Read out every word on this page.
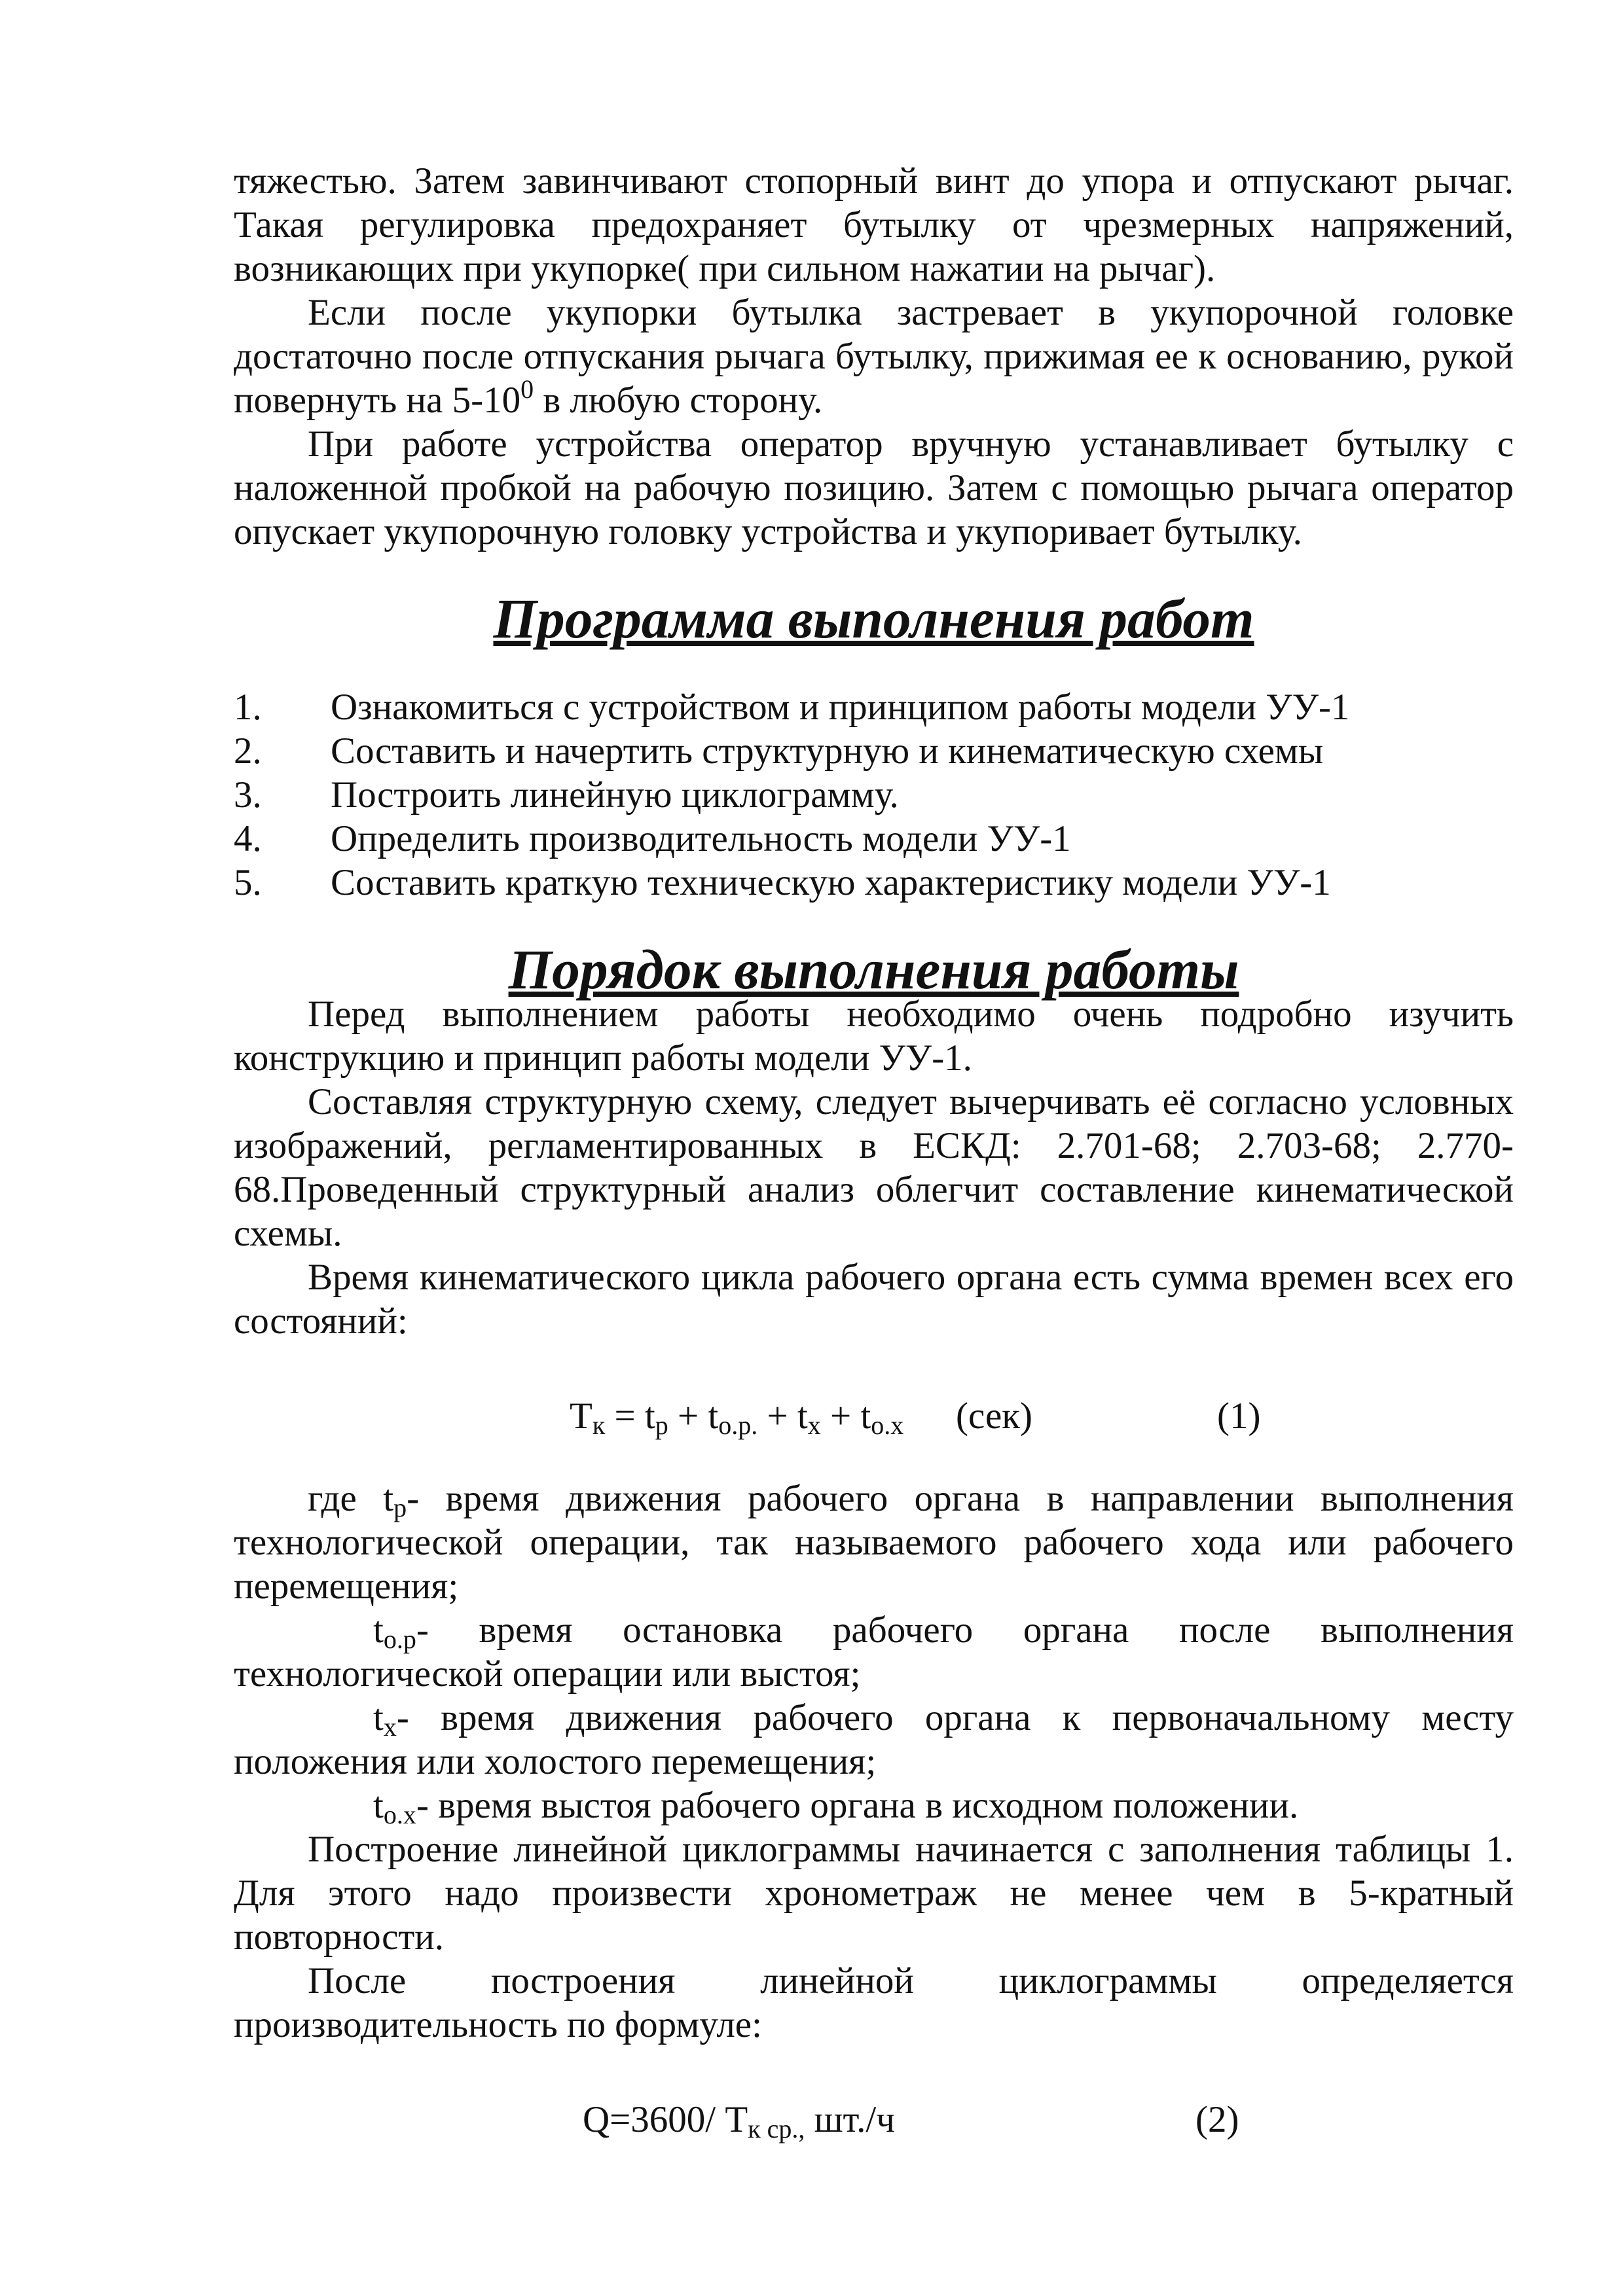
тяжестью. Затем завинчивают стопорный винт до упора и отпускают рычаг. Такая регулировка предохраняет бутылку от чрезмерных напряжений, возникающих при укупорке( при сильном нажатии на рычаг).

Если после укупорки бутылка застревает в укупорочной головке достаточно после отпускания рычага бутылку, прижимая ее к основанию, рукой повернуть на $5-10^0$ в любую сторону.

При работе устройства оператор вручную устанавливает бутылку с наложенной пробкой на рабочую позицию. Затем с помощью рычага оператор опускает укупорочную головку устройства и укупоривает бутылку.

Программа выполнения работ
1. Ознакомиться с устройством и принципом работы модели УУ-1
2. Составить и начертить структурную и кинематическую схемы
3. Построить линейную циклограмму.
4. Определить производительность модели УУ-1
5. Составить краткую техническую характеристику модели УУ-1
Порядок выполнения работы

Перед выполнением работы необходимо очень подробно изучить конструкцию и принцип работы модели УУ-1.

Составляя структурную схему, следует вычерчивать её согласно условных изображений, регламентированных в ЕСКД: 2.701-68; 2.703-68; 2.770-68.Проведенный структурный анализ облегчит составление кинематической схемы.

Время кинематического цикла рабочего органа есть сумма времен всех его состояний:

$Т_к = t_р + t_{о.р.} + t_х + t_{о.х}$ (сек)	(1)

где $t_р-$ время движения рабочего органа в направлении выполнения технологической операции, так называемого рабочего хода или рабочего перемещения;

$t_{о.р}-$ время остановка рабочего органа после выполнения технологической операции или выстоя;

$t_х-$ время движения рабочего органа к первоначальному месту положения или холостого перемещения;

$t_{о.х}-$ время выстоя рабочего органа в исходном положении.

Построение линейной циклограммы начинается с заполнения таблицы 1. Для этого надо произвести хронометраж не менее чем в 5-кратный повторности.

После построения линейной циклограммы определяется производительность по формуле:

Q=3600/ $Т_{к ср.,}$ шт./ч	(2)
